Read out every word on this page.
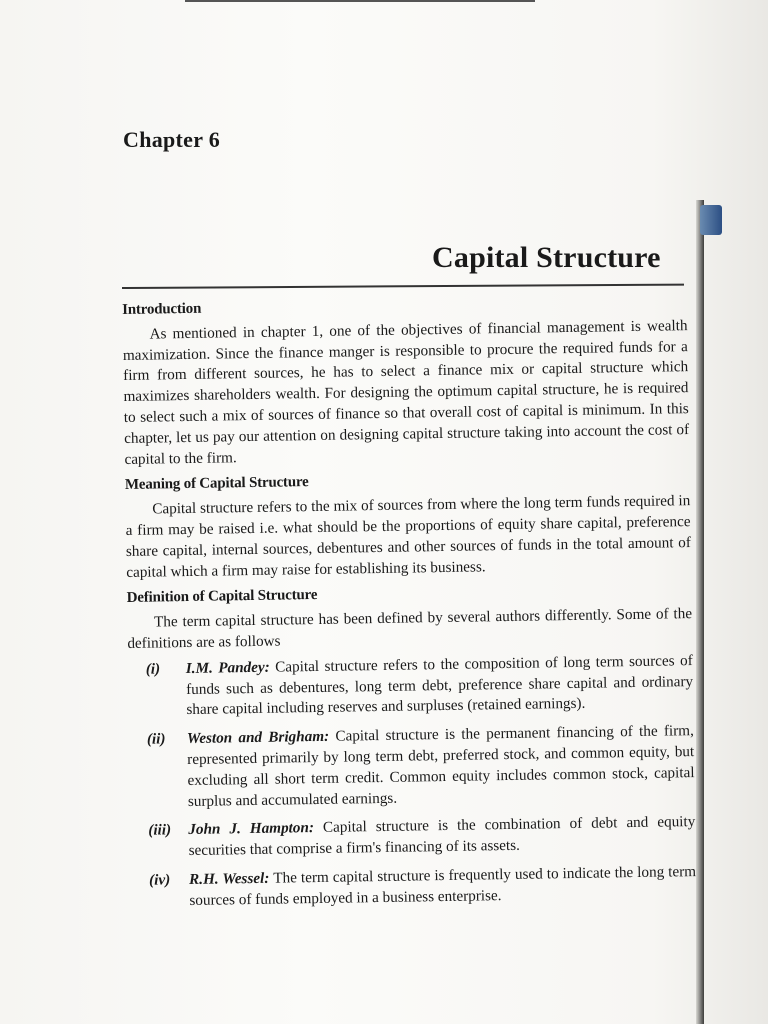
Chapter 6
Capital Structure
Introduction

As mentioned in chapter 1, one of the objectives of financial management is wealth maximization. Since the finance manger is responsible to procure the required funds for a firm from different sources, he has to select a finance mix or capital structure which maximizes shareholders wealth. For designing the optimum capital structure, he is required to select such a mix of sources of finance so that overall cost of capital is minimum. In this chapter, let us pay our attention on designing capital structure taking into account the cost of capital to the firm.

Meaning of Capital Structure

Capital structure refers to the mix of sources from where the long term funds required in a firm may be raised i.e. what should be the proportions of equity share capital, preference share capital, internal sources, debentures and other sources of funds in the total amount of capital which a firm may raise for establishing its business.

Definition of Capital Structure

The term capital structure has been defined by several authors differently. Some of the definitions are as follows

(i) I.M. Pandey: Capital structure refers to the composition of long term sources of funds such as debentures, long term debt, preference share capital and ordinary share capital including reserves and surpluses (retained earnings).
(ii) Weston and Brigham: Capital structure is the permanent financing of the firm, represented primarily by long term debt, preferred stock, and common equity, but excluding all short term credit. Common equity includes common stock, capital surplus and accumulated earnings.
(iii) John J. Hampton: Capital structure is the combination of debt and equity securities that comprise a firm's financing of its assets.
(iv) R.H. Wessel: The term capital structure is frequently used to indicate the long term sources of funds employed in a business enterprise.
